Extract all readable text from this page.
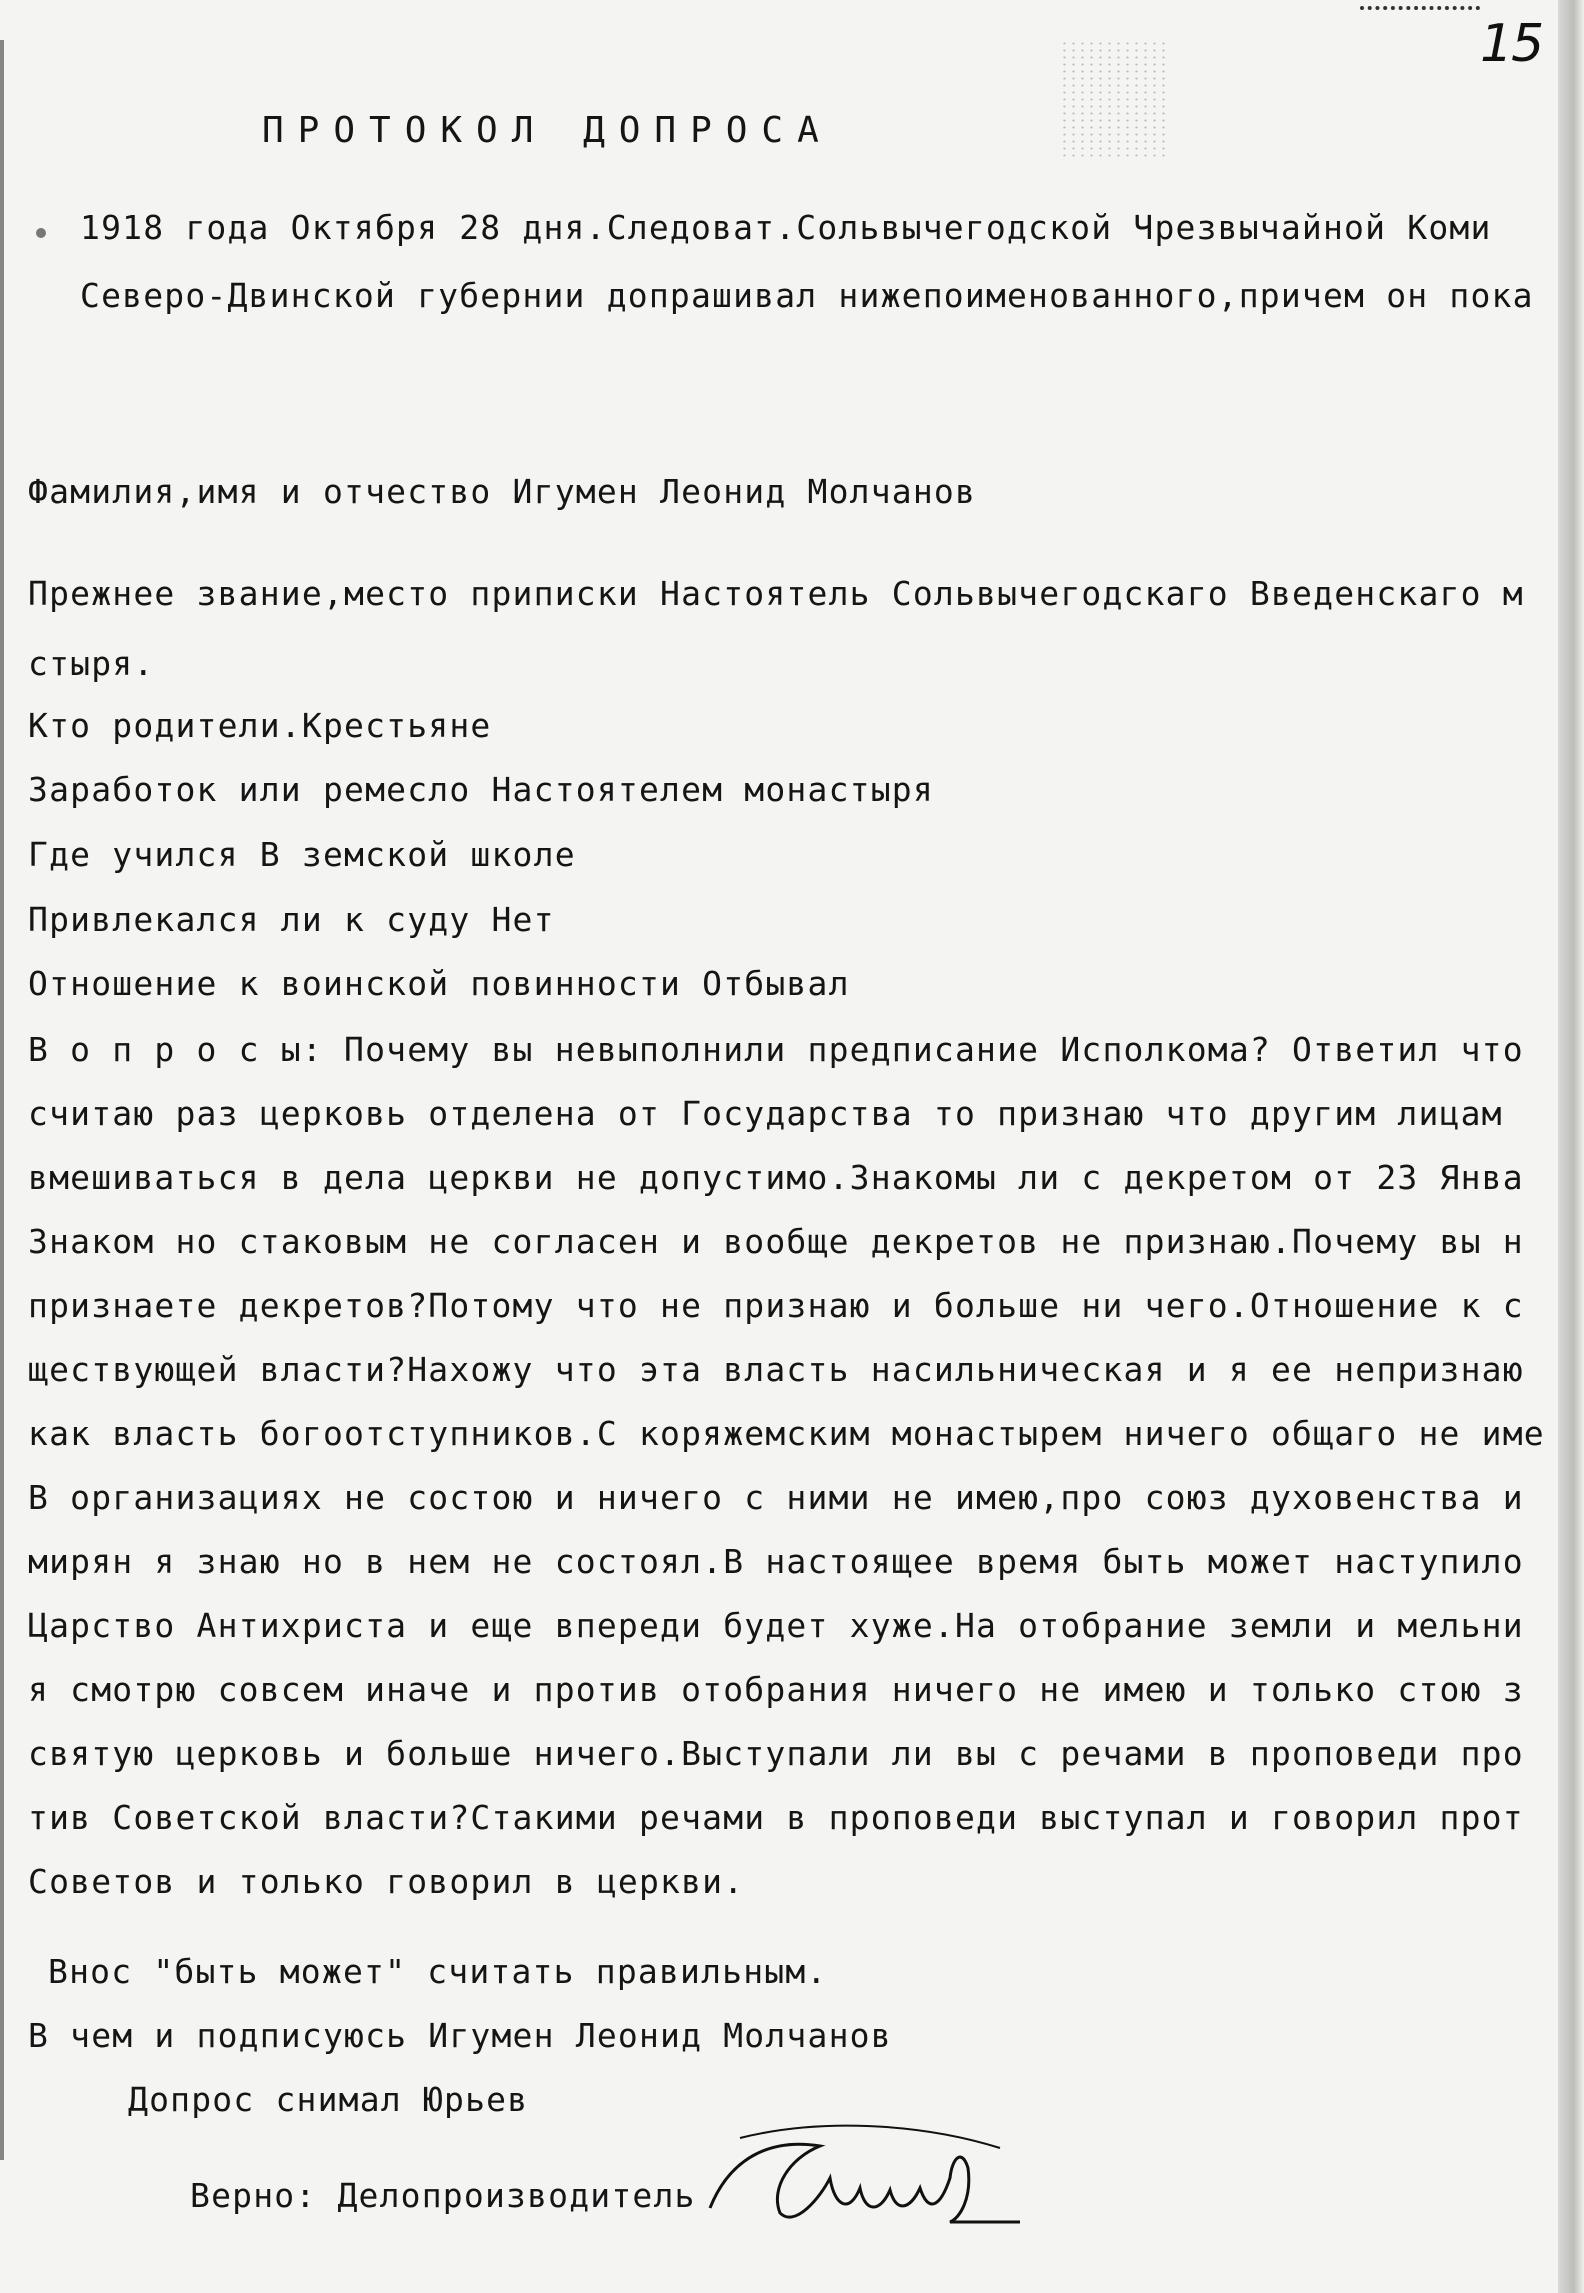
15
ПРОТОКОЛ ДОПРОСА
1918 года Октября 28 дня.Следоват.Сольвычегодской Чрезвычайной Коми
Северо-Двинской губернии допрашивал нижепоименованного,причем он пока
Фамилия,имя и отчество Игумен Леонид Молчанов
Прежнее звание,место приписки Настоятель Сольвычегодскаго Введенскаго м
стыря.
Кто родители.Крестьяне
Заработок или ремесло Настоятелем монастыря
Где учился В земской школе
Привлекался ли к суду Нет
Отношение к воинской повинности Отбывал
В о п р о с ы: Почему вы невыполнили предписание Исполкома? Ответил что
считаю раз церковь отделена от Государства то признаю что другим лицам
вмешиваться в дела церкви не допустимо.Знакомы ли с декретом от 23 Янва
Знаком но стаковым не согласен и вообще декретов не признаю.Почему вы н
признаете декретов?Потому что не признаю и больше ни чего.Отношение к с
ществующей власти?Нахожу что эта власть насильническая и я ее непризнаю
как власть богоотступников.С коряжемским монастырем ничего общаго не име
В организациях не состою и ничего с ними не имею,про союз духовенства и
мирян я знаю но в нем не состоял.В настоящее время быть может наступило
Царство Антихриста и еще впереди будет хуже.На отобрание земли и мельни
я смотрю совсем иначе и против отобрания ничего не имею и только стою з
святую церковь и больше ничего.Выступали ли вы с речами в проповеди про
тив Советской власти?Стакими речами в проповеди выступал и говорил прот
Советов и только говорил в церкви.
Внос "быть может" считать правильным.
В чем и подписуюсь Игумен Леонид Молчанов
Допрос снимал Юрьев
Верно: Делопроизводитель
